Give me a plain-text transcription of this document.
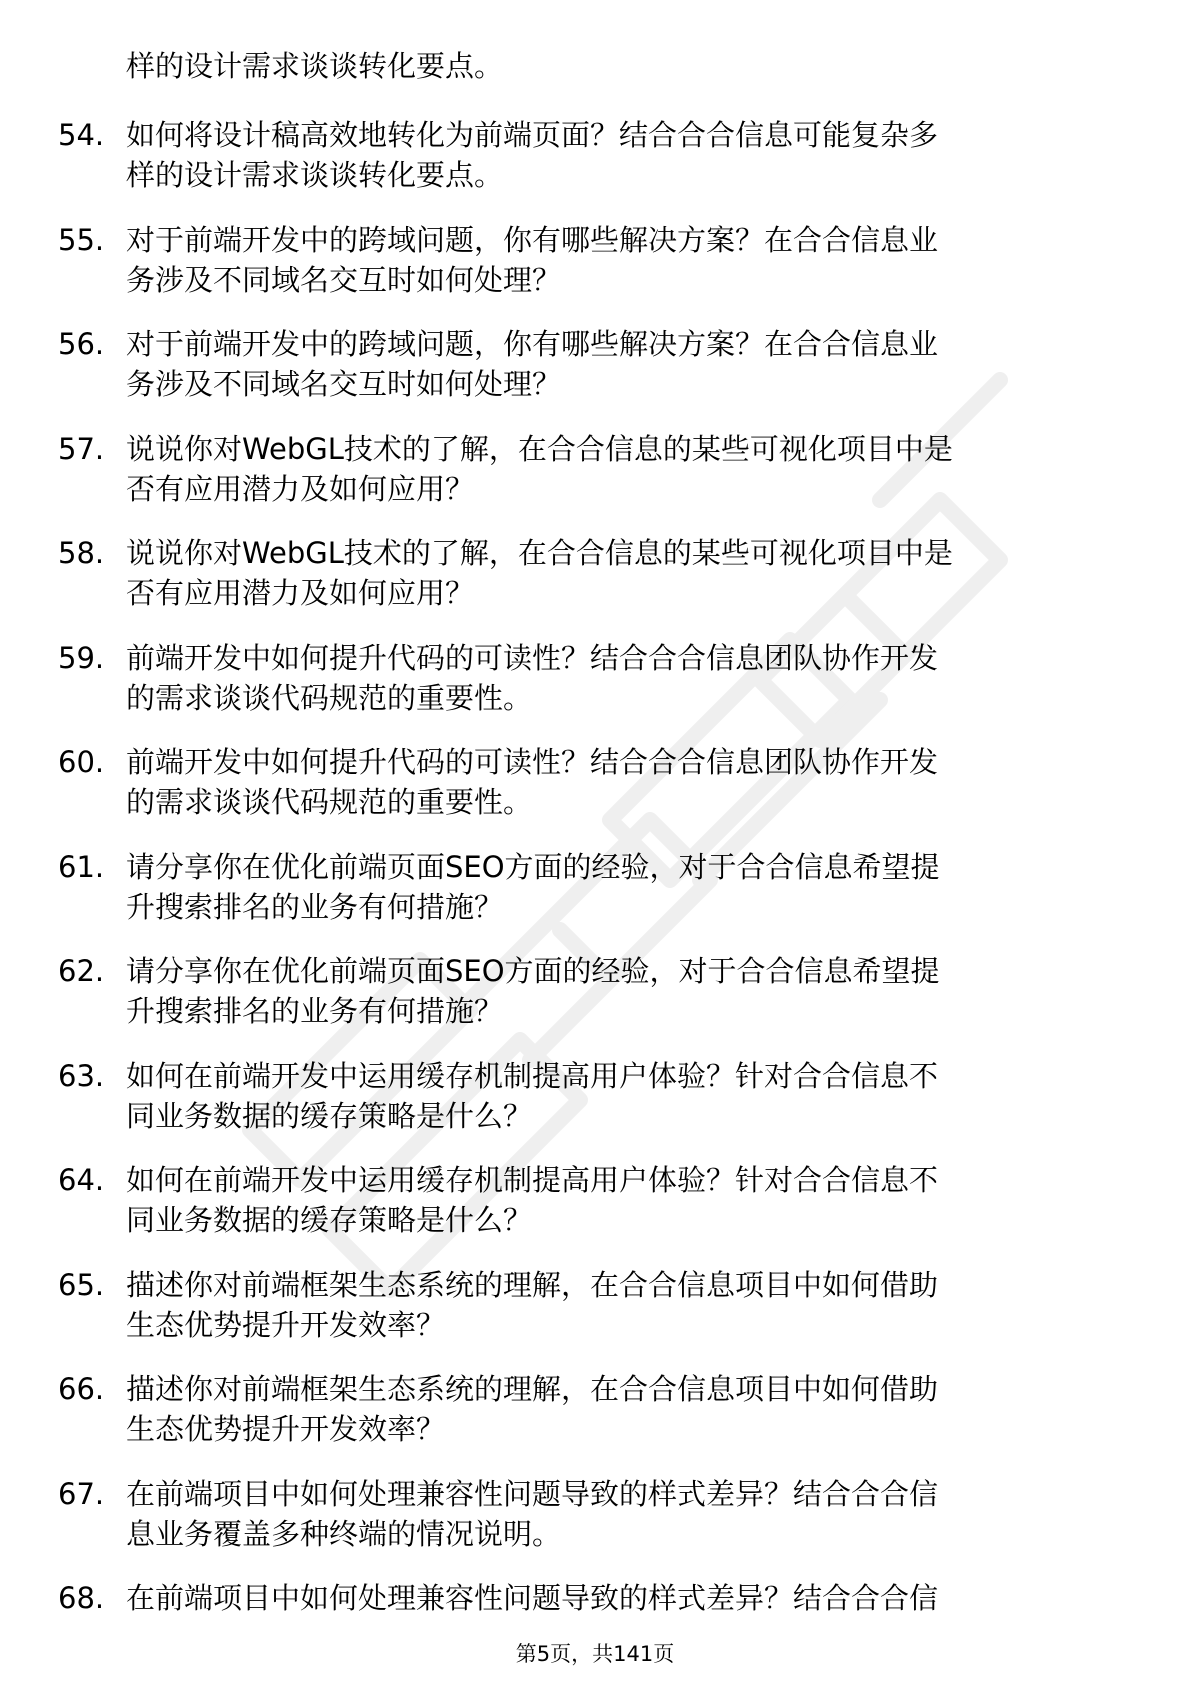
样的设计需求谈谈转化要点。
54. 如何将设计稿高效地转化为前端页面？结合合合信息可能复杂多
样的设计需求谈谈转化要点。
55. 对于前端开发中的跨域问题，你有哪些解决方案？在合合信息业
务涉及不同域名交互时如何处理？
56. 对于前端开发中的跨域问题，你有哪些解决方案？在合合信息业
务涉及不同域名交互时如何处理？
57. 说说你对WebGL技术的了解，在合合信息的某些可视化项目中是
否有应用潜力及如何应用？
58. 说说你对WebGL技术的了解，在合合信息的某些可视化项目中是
否有应用潜力及如何应用？
59. 前端开发中如何提升代码的可读性？结合合合信息团队协作开发
的需求谈谈代码规范的重要性。
60. 前端开发中如何提升代码的可读性？结合合合信息团队协作开发
的需求谈谈代码规范的重要性。
61. 请分享你在优化前端页面SEO方面的经验，对于合合信息希望提
升搜索排名的业务有何措施？
62. 请分享你在优化前端页面SEO方面的经验，对于合合信息希望提
升搜索排名的业务有何措施？
63. 如何在前端开发中运用缓存机制提高用户体验？针对合合信息不
同业务数据的缓存策略是什么？
64. 如何在前端开发中运用缓存机制提高用户体验？针对合合信息不
同业务数据的缓存策略是什么？
65. 描述你对前端框架生态系统的理解，在合合信息项目中如何借助
生态优势提升开发效率？
66. 描述你对前端框架生态系统的理解，在合合信息项目中如何借助
生态优势提升开发效率？
67. 在前端项目中如何处理兼容性问题导致的样式差异？结合合合信
息业务覆盖多种终端的情况说明。
68. 在前端项目中如何处理兼容性问题导致的样式差异？结合合合信
第5页，共141页
